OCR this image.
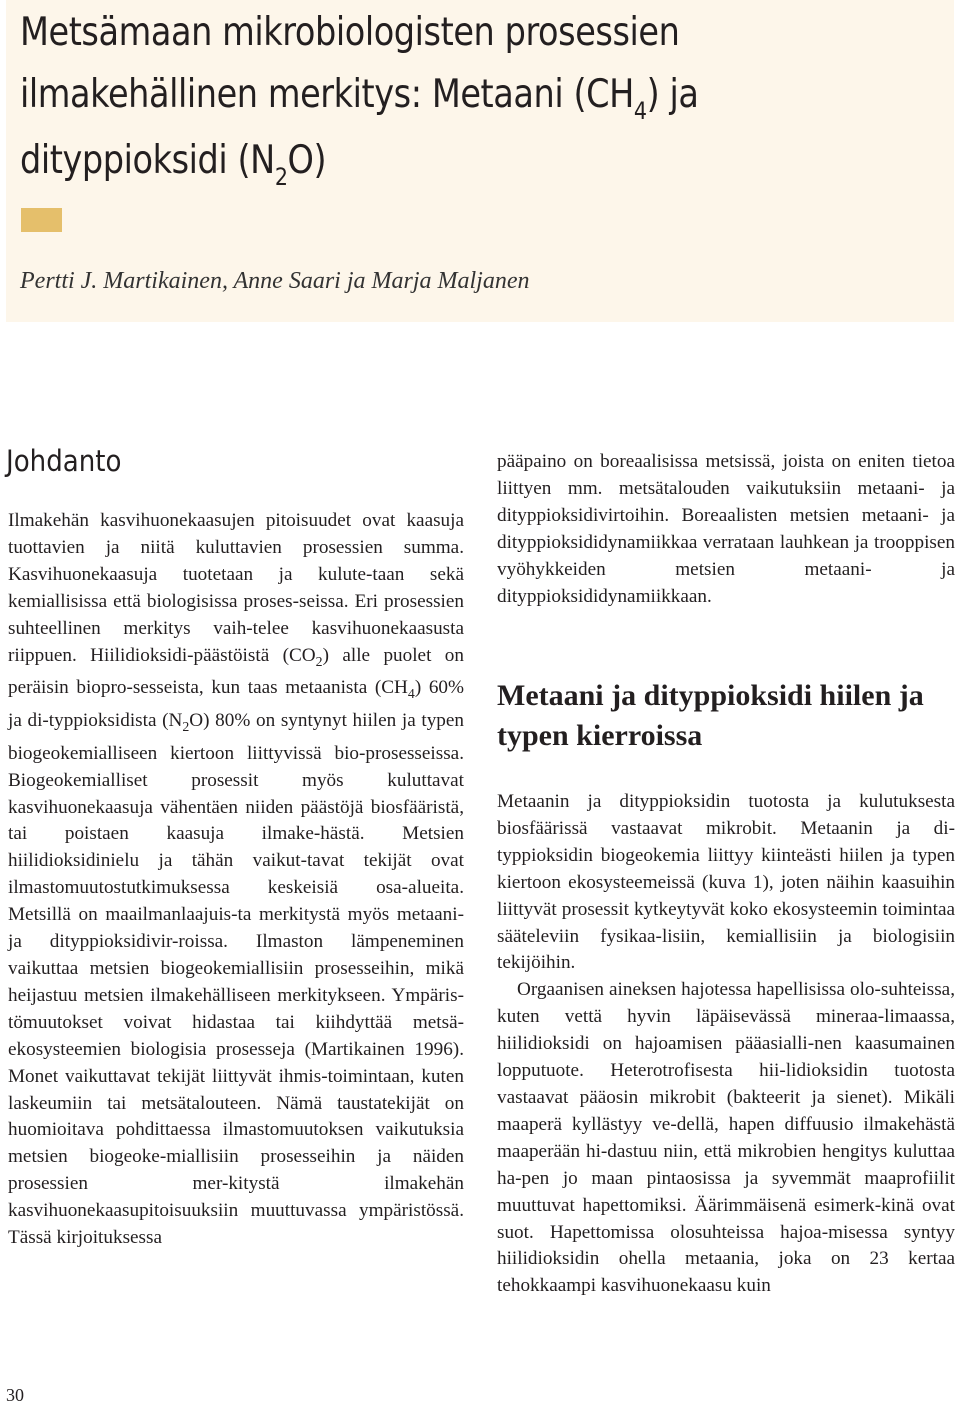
Metsämaan mikrobiologisten prosessien
ilmakehällinen merkitys: Metaani $(CH_4)$ ja
dityppioksidi $(N_2O)$

Pertti J. Martikainen, Anne Saari ja Marja Maljanen

Johdanto

Ilmakehän kasvihuonekaasujen pitoisuudet ovat kaasuja tuottavien ja niitä kuluttavien prosessien summa. Kasvihuonekaasuja tuotetaan ja kulute-taan sekä kemiallisissa että biologisissa proses-seissa. Eri prosessien suhteellinen merkitys vaih-telee kasvihuonekaasusta riippuen. Hiilidioksidi-päästöistä $(CO_2)$ alle puolet on peräisin biopro-sesseista, kun taas metaanista $(CH_4)$ 60% ja di-typpioksidista $(N_2O)$ 80% on syntynyt hiilen ja typen biogeokemialliseen kiertoon liittyvissä bio-prosesseissa. Biogeokemialliset prosessit myös kuluttavat kasvihuonekaasuja vähentäen niiden päästöjä biosfääristä, tai poistaen kaasuja ilmake-hästä. Metsien hiilidioksidinielu ja tähän vaikut-tavat tekijät ovat ilmastomuutostutkimuksessa keskeisiä osa-alueita. Metsillä on maailmanlaajuis-ta merkitystä myös metaani- ja dityppioksidivir-roissa. Ilmaston lämpeneminen vaikuttaa metsien biogeokemiallisiin prosesseihin, mikä heijastuu metsien ilmakehälliseen merkitykseen. Ympäris-tömuutokset voivat hidastaa tai kiihdyttää metsä-ekosysteemien biologisia prosesseja (Martikainen 1996). Monet vaikuttavat tekijät liittyvät ihmis-toimintaan, kuten laskeumiin tai metsätalouteen. Nämä taustatekijät on huomioitava pohdittaessa ilmastomuutoksen vaikutuksia metsien biogeoke-miallisiin prosesseihin ja näiden prosessien mer-kitystä ilmakehän kasvihuonekaasupitoisuuksiin muuttuvassa ympäristössä. Tässä kirjoituksessa

pääpaino on boreaalisissa metsissä, joista on eniten tietoa liittyen mm. metsätalouden vaikutuksiin metaani- ja dityppioksidivirtoihin. Boreaalisten metsien metaani- ja dityppioksididynamiikkaa verrataan lauhkean ja trooppisen vyöhykkeiden metsien metaani- ja dityppioksididynamiikkaan.

Metaani ja dityppioksidi hiilen ja typen kierroissa

Metaanin ja dityppioksidin tuotosta ja kulutuksesta biosfäärissä vastaavat mikrobit. Metaanin ja di-typpioksidin biogeokemia liittyy kiinteästi hiilen ja typen kiertoon ekosysteemeissä (kuva 1), joten näihin kaasuihin liittyvät prosessit kytkeytyvät koko ekosysteemin toimintaa sääteleviin fysikaa-lisiin, kemiallisiin ja biologisiin tekijöihin.

Orgaanisen aineksen hajotessa hapellisissa olo-suhteissa, kuten vettä hyvin läpäisevässä mineraa-limaassa, hiilidioksidi on hajoamisen pääasialli-nen kaasumainen lopputuote. Heterotrofisesta hii-lidioksidin tuotosta vastaavat pääosin mikrobit (bakteerit ja sienet). Mikäli maaperä kyllästyy ve-dellä, hapen diffuusio ilmakehästä maaperään hi-dastuu niin, että mikrobien hengitys kuluttaa ha-pen jo maan pintaosissa ja syvemmät maaprofiilit muuttuvat hapettomiksi. Äärimmäisenä esimerk-kinä ovat suot. Hapettomissa olosuhteissa hajoa-misessa syntyy hiilidioksidin ohella metaania, joka on 23 kertaa tehokkaampi kasvihuonekaasu kuin

30
